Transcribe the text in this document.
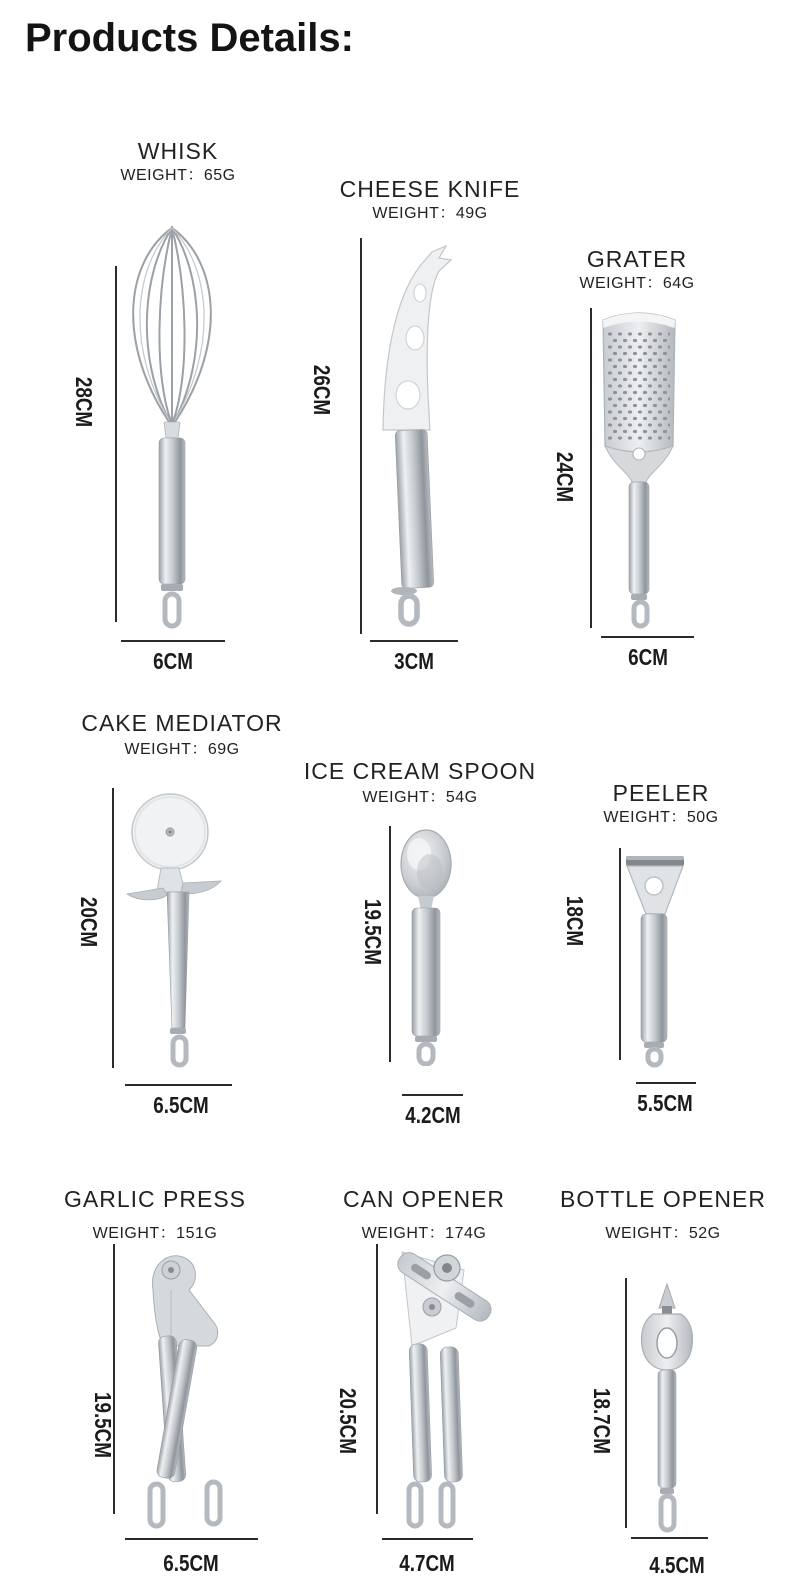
Products Details:
WHISK
WEIGHT：65G
28CM
6CM
CHEESE KNIFE
WEIGHT：49G
26CM
3CM
GRATER
WEIGHT：64G
24CM
6CM
CAKE MEDIATOR
WEIGHT：69G
20CM
6.5CM
ICE CREAM SPOON
WEIGHT：54G
19.5CM
4.2CM
PEELER
WEIGHT：50G
18CM
5.5CM
GARLIC PRESS
WEIGHT：151G
19.5CM
6.5CM
CAN OPENER
WEIGHT：174G
20.5CM
4.7CM
BOTTLE OPENER
WEIGHT：52G
18.7CM
4.5CM
